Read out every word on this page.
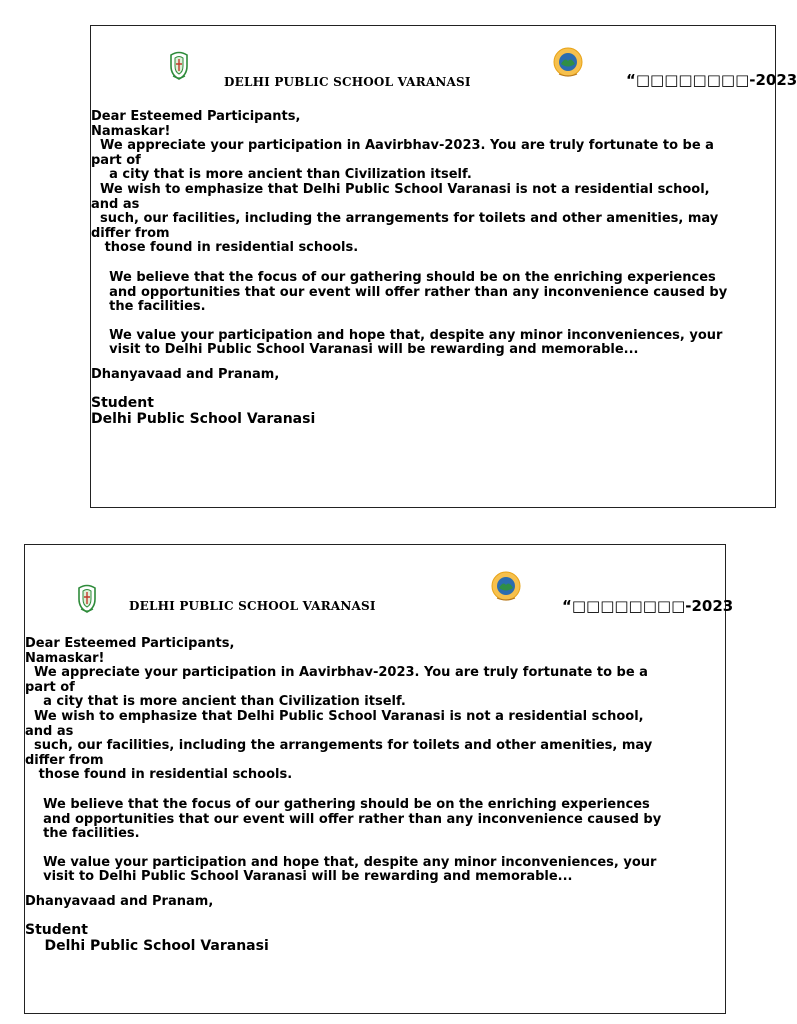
DELHI PUBLIC SCHOOL VARANASI	“□□□□□□□□-2023
Dear Esteemed Participants,
Namaskar!
We appreciate your participation in Aavirbhav-2023. You are truly fortunate to be a
part of
a city that is more ancient than Civilization itself.
We wish to emphasize that Delhi Public School Varanasi is not a residential school,
and as
such, our facilities, including the arrangements for toilets and other amenities, may
differ from
those found in residential schools.
We believe that the focus of our gathering should be on the enriching experiences
and opportunities that our event will offer rather than any inconvenience caused by
the facilities.
We value your participation and hope that, despite any minor inconveniences, your
visit to Delhi Public School Varanasi will be rewarding and memorable...
Dhanyavaad and Pranam,
Student
Delhi Public School Varanasi
DELHI PUBLIC SCHOOL VARANASI	“□□□□□□□□-2023
Dear Esteemed Participants,
Namaskar!
We appreciate your participation in Aavirbhav-2023. You are truly fortunate to be a
part of
a city that is more ancient than Civilization itself.
We wish to emphasize that Delhi Public School Varanasi is not a residential school,
and as
such, our facilities, including the arrangements for toilets and other amenities, may
differ from
those found in residential schools.
We believe that the focus of our gathering should be on the enriching experiences
and opportunities that our event will offer rather than any inconvenience caused by
the facilities.
We value your participation and hope that, despite any minor inconveniences, your
visit to Delhi Public School Varanasi will be rewarding and memorable...
Dhanyavaad and Pranam,
Student
Delhi Public School Varanasi
